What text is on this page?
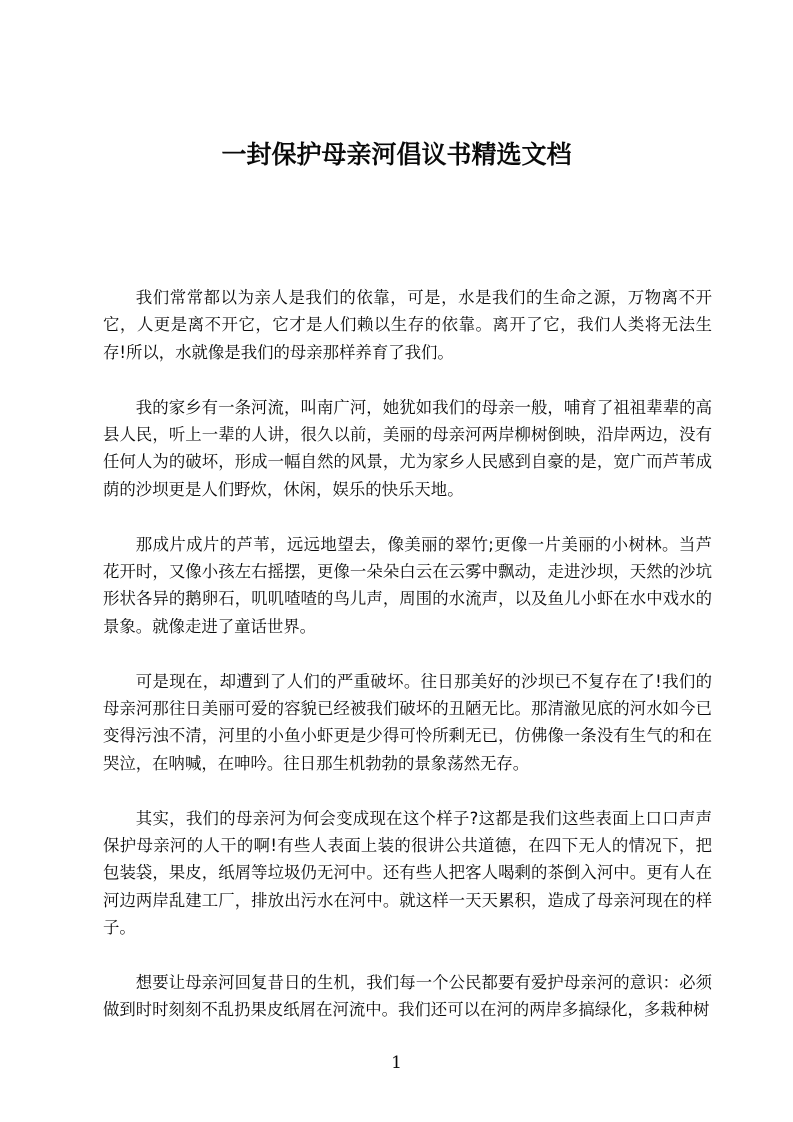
一封保护母亲河倡议书精选文档

我们常常都以为亲人是我们的依靠，可是，水是我们的生命之源，万物离不开它，人更是离不开它，它才是人们赖以生存的依靠。离开了它，我们人类将无法生存!所以，水就像是我们的母亲那样养育了我们。

我的家乡有一条河流，叫南广河，她犹如我们的母亲一般，哺育了祖祖辈辈的高县人民，听上一辈的人讲，很久以前，美丽的母亲河两岸柳树倒映，沿岸两边，没有任何人为的破坏，形成一幅自然的风景，尤为家乡人民感到自豪的是，宽广而芦苇成荫的沙坝更是人们野炊，休闲，娱乐的快乐天地。

那成片成片的芦苇，远远地望去，像美丽的翠竹;更像一片美丽的小树林。当芦花开时，又像小孩左右摇摆，更像一朵朵白云在云雾中飘动，走进沙坝，天然的沙坑形状各异的鹅卵石，叽叽喳喳的鸟儿声，周围的水流声，以及鱼儿小虾在水中戏水的景象。就像走进了童话世界。

可是现在，却遭到了人们的严重破坏。往日那美好的沙坝已不复存在了!我们的母亲河那往日美丽可爱的容貌已经被我们破坏的丑陋无比。那清澈见底的河水如今已变得污浊不清，河里的小鱼小虾更是少得可怜所剩无已，仿佛像一条没有生气的和在哭泣，在呐喊，在呻吟。往日那生机勃勃的景象荡然无存。

其实，我们的母亲河为何会变成现在这个样子?这都是我们这些表面上口口声声保护母亲河的人干的啊!有些人表面上装的很讲公共道德，在四下无人的情况下，把包装袋，果皮，纸屑等垃圾仍无河中。还有些人把客人喝剩的茶倒入河中。更有人在河边两岸乱建工厂，排放出污水在河中。就这样一天天累积，造成了母亲河现在的样子。

想要让母亲河回复昔日的生机，我们每一个公民都要有爱护母亲河的意识：必须做到时时刻刻不乱扔果皮纸屑在河流中。我们还可以在河的两岸多搞绿化，多栽种树

1
